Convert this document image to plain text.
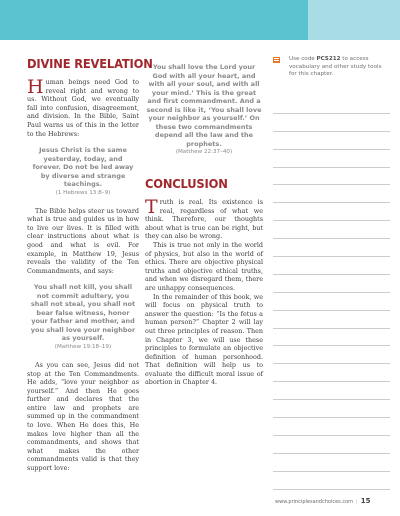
DIVINE REVELATION

Human beings need God to reveal right and wrong to us. Without God, we eventually fall into confusion, disagreement, and division. In the Bible, Saint Paul warns us of this in the letter to the Hebrews:

Jesus Christ is the same yesterday, today, and forever. Do not be led away by diverse and strange teachings.
(1 Hebrews 13:8–9)

The Bible helps steer us toward what is true and guides us in how to live our lives. It is filled with clear instructions about what is good and what is evil. For example, in Matthew 19, Jesus reveals the validity of the Ten Commandments, and says:

You shall not kill, you shall not commit adultery, you shall not steal, you shall not bear false witness, honor your father and mother, and you shall love your neighbor as yourself.
(Matthew 19:18–19)

As you can see, Jesus did not stop at the Ten Commandments. He adds, “love your neighbor as yourself.” And then He goes further and declares that the entire law and prophets are summed up in the commandment to love. When He does this, He makes love higher than all the commandments, and shows that what makes the other commandments valid is that they support love:

You shall love the Lord your God with all your heart, and with all your soul, and with all your mind.’ This is the great and first commandment. And a second is like it, ‘You shall love your neighbor as yourself.’ On these two commandments depend all the law and the prophets.
(Matthew 22:37–40)
CONCLUSION

Truth is real. Its existence is real, regardless of what we think. Therefore, our thoughts about what is true can be right, but they can also be wrong.

This is true not only in the world of physics, but also in the world of ethics. There are objective physical truths and objective ethical truths, and when we disregard them, there are unhappy consequences.

In the remainder of this book, we will focus on physical truth to answer the question: “Is the fetus a human person?” Chapter 2 will lay out three principles of reason. Then in Chapter 3, we will use these principles to formulate an objective definition of human personhood. That definition will help us to evaluate the difficult moral issue of abortion in Chapter 4.

Use code PCS212 to access vocabulary and other study tools for this chapter.
www.principlesandchoices.com | 15
